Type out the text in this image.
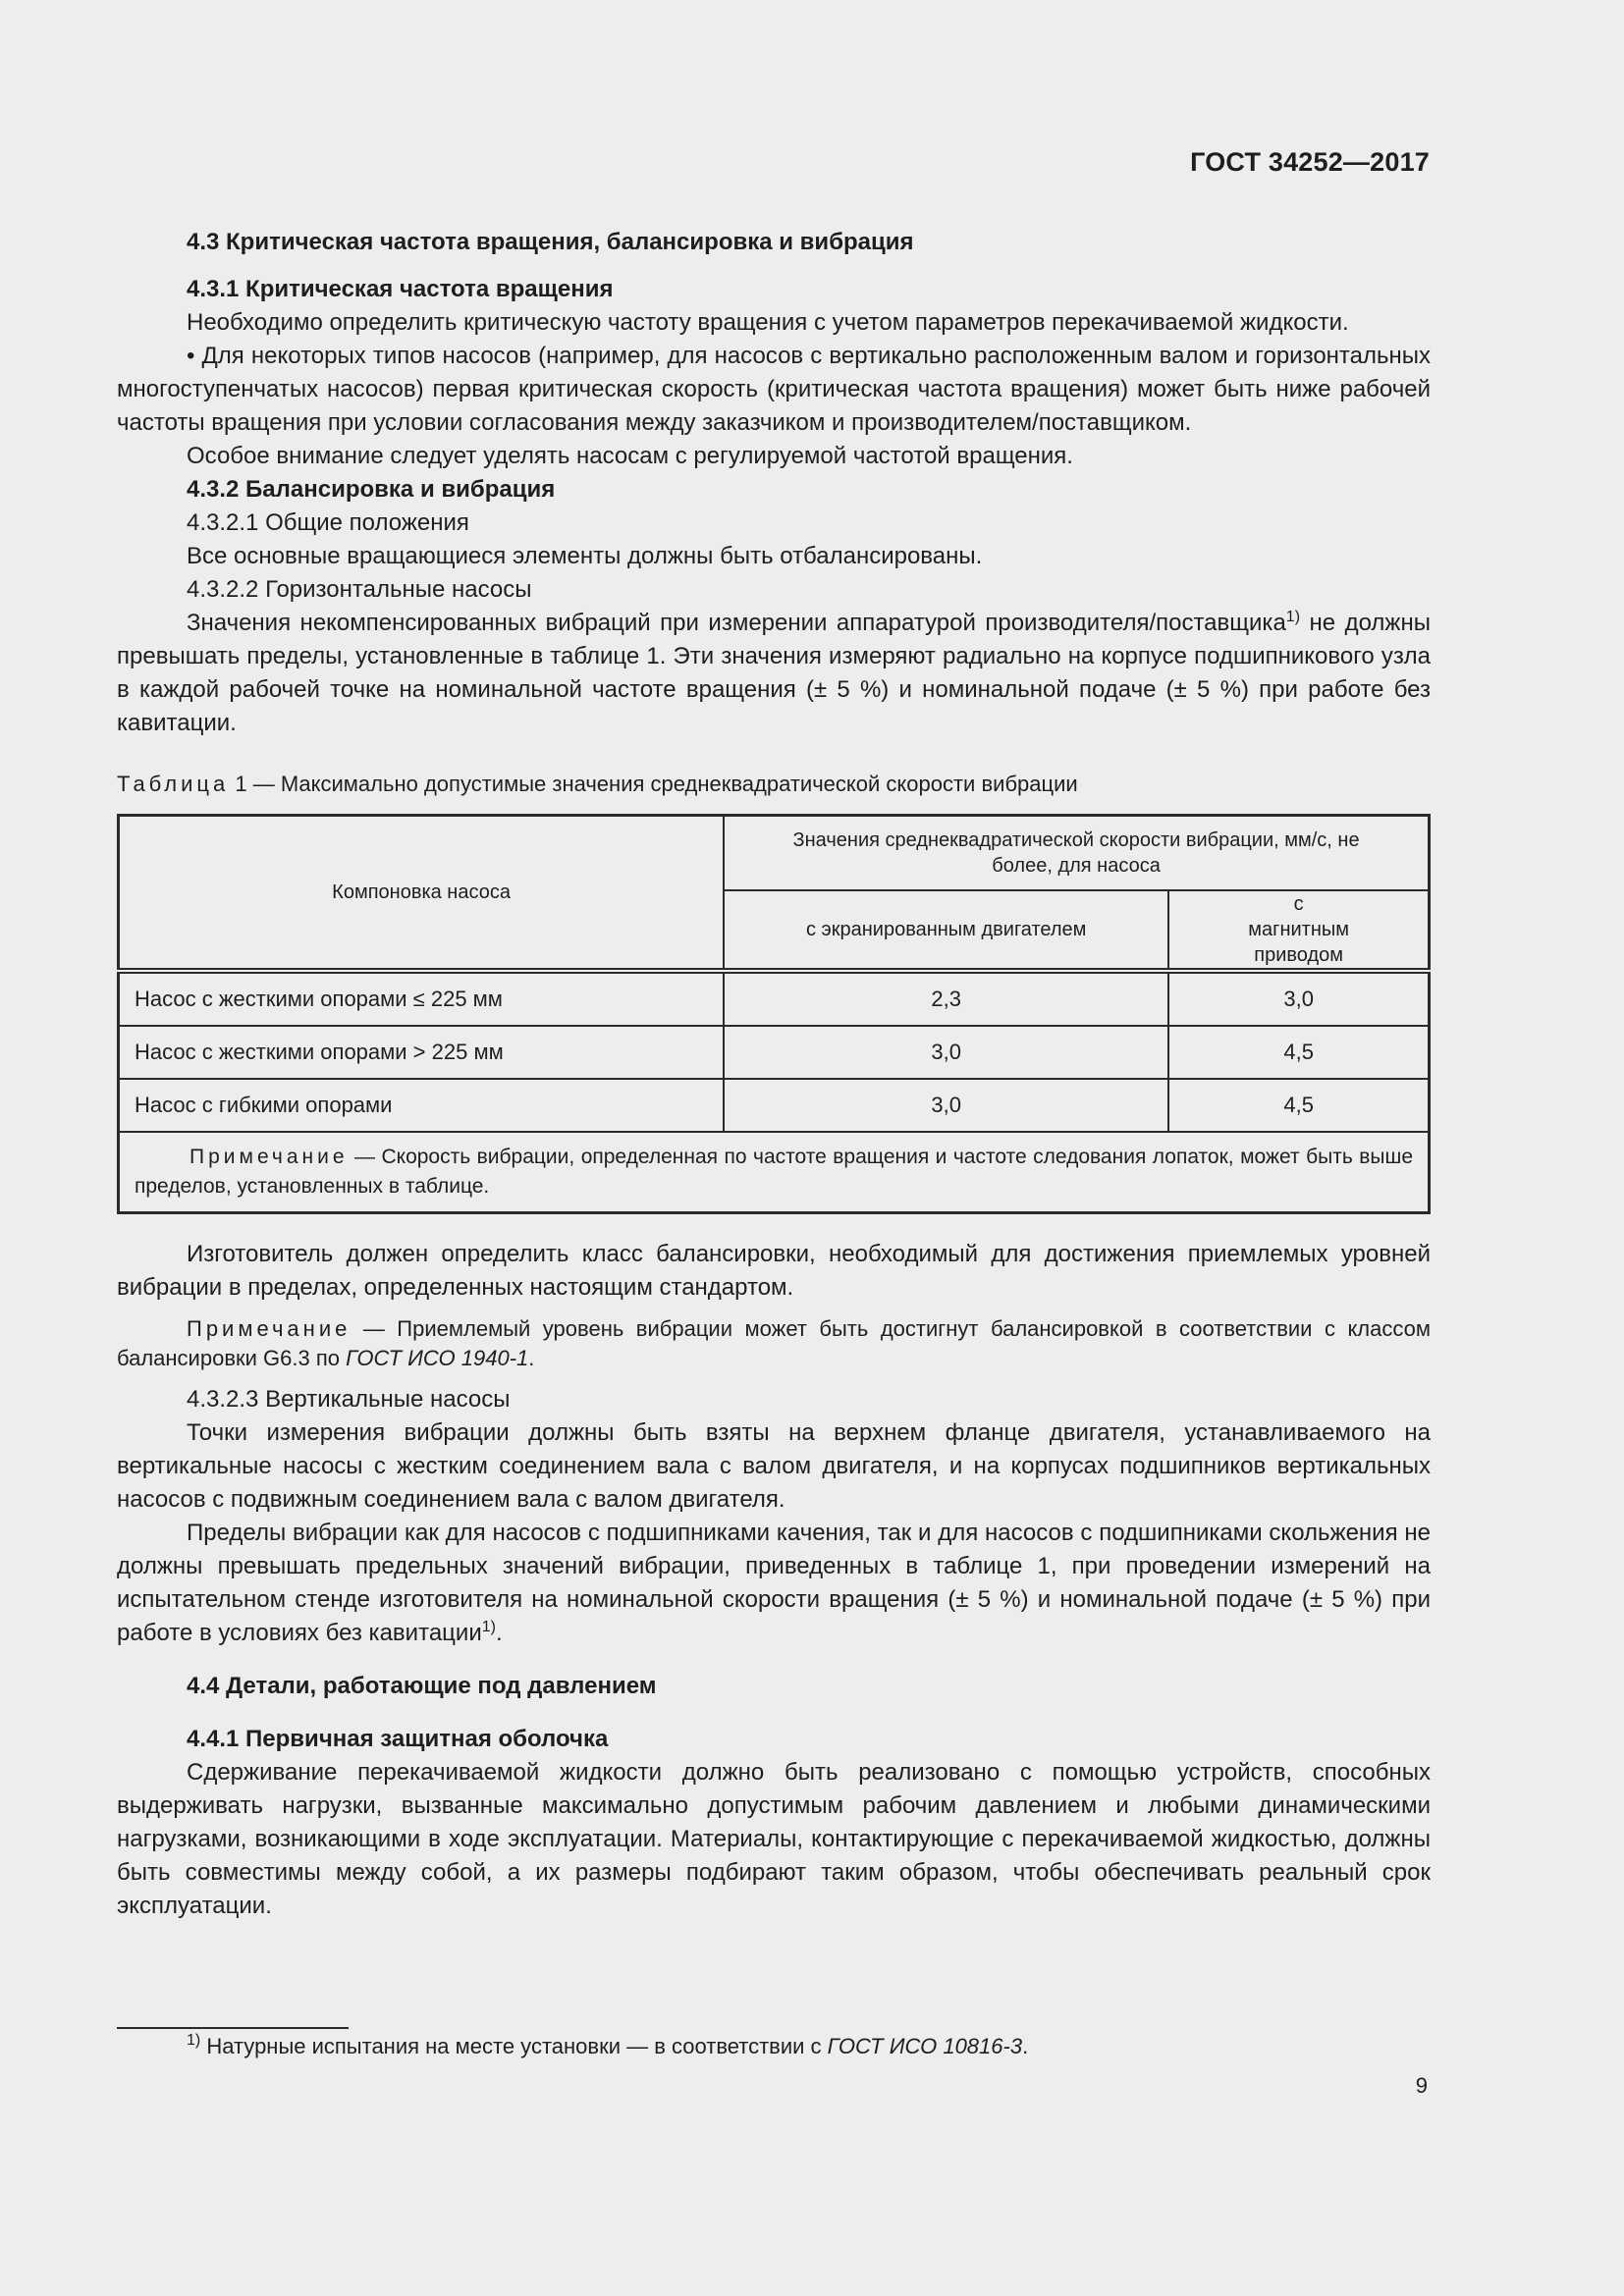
ГОСТ 34252—2017

4.3 Критическая частота вращения, балансировка и вибрация

4.3.1 Критическая частота вращения

Необходимо определить критическую частоту вращения с учетом параметров перекачиваемой жидкости.

• Для некоторых типов насосов (например, для насосов с вертикально расположенным валом и горизонтальных многоступенчатых насосов) первая критическая скорость (критическая частота вращения) может быть ниже рабочей частоты вращения при условии согласования между заказчиком и производителем/поставщиком.

Особое внимание следует уделять насосам с регулируемой частотой вращения.

4.3.2 Балансировка и вибрация

4.3.2.1 Общие положения

Все основные вращающиеся элементы должны быть отбалансированы.

4.3.2.2 Горизонтальные насосы

Значения некомпенсированных вибраций при измерении аппаратурой производителя/поставщика$^{1)}$ не должны превышать пределы, установленные в таблице 1. Эти значения измеряют радиально на корпусе подшипникового узла в каждой рабочей точке на номинальной частоте вращения (± 5 %) и номинальной подаче (± 5 %) при работе без кавитации.

Таблица 1 — Максимально допустимые значения среднеквадратической скорости вибрации

Компоновка насоса	Значения среднеквадратической скорости вибрации, мм/с, не более, для насоса	
	с экранированным двигателем	с магнитным приводом
Насос с жесткими опорами ≤ 225 мм	2,3	3,0
Насос с жесткими опорами > 225 мм	3,0	4,5
Насос с гибкими опорами	3,0	4,5
Примечание — Скорость вибрации, определенная по частоте вращения и частоте следования лопаток, может быть выше пределов, установленных в таблице.		

Изготовитель должен определить класс балансировки, необходимый для достижения приемлемых уровней вибрации в пределах, определенных настоящим стандартом.

Примечание — Приемлемый уровень вибрации может быть достигнут балансировкой в соответствии с классом балансировки G6.3 по ГОСТ ИСО 1940-1.

4.3.2.3 Вертикальные насосы

Точки измерения вибрации должны быть взяты на верхнем фланце двигателя, устанавливаемого на вертикальные насосы с жестким соединением вала с валом двигателя, и на корпусах подшипников вертикальных насосов с подвижным соединением вала с валом двигателя.

Пределы вибрации как для насосов с подшипниками качения, так и для насосов с подшипниками скольжения не должны превышать предельных значений вибрации, приведенных в таблице 1, при проведении измерений на испытательном стенде изготовителя на номинальной скорости вращения (± 5 %) и номинальной подаче (± 5 %) при работе в условиях без кавитации$^{1)}$.

4.4 Детали, работающие под давлением

4.4.1 Первичная защитная оболочка

Сдерживание перекачиваемой жидкости должно быть реализовано с помощью устройств, способных выдерживать нагрузки, вызванные максимально допустимым рабочим давлением и любыми динамическими нагрузками, возникающими в ходе эксплуатации. Материалы, контактирующие с перекачиваемой жидкостью, должны быть совместимы между собой, а их размеры подбирают таким образом, чтобы обеспечивать реальный срок эксплуатации.

$^{1)}$ Натурные испытания на месте установки — в соответствии с ГОСТ ИСО 10816-3.
9
